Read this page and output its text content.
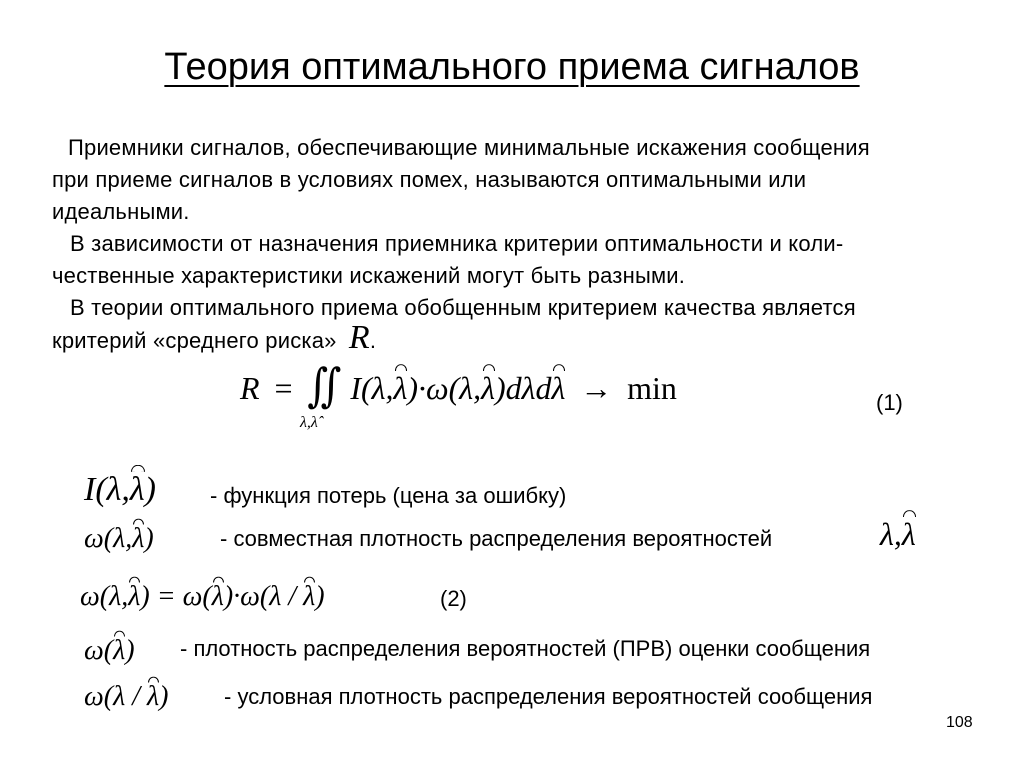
Теория оптимального приема сигналов
Приемники сигналов, обеспечивающие минимальные искажения сообщения
при приеме сигналов в условиях помех, называются оптимальными или
идеальными.
В зависимости от назначения приемника критерии оптимальности и коли-
чественные характеристики искажений могут быть разными.
В теории оптимального приема обобщенным критерием качества является
критерий «среднего риска» R.
R = ∬ I(λ,λ)·ω(λ,λ)dλdλ → min
λ,λ̂
(1)
I(λ,λ) - функция потерь (цена за ошибку)
ω(λ,λ)	- совместная плотность распределения вероятностей	λ,λ
ω(λ,λ) = ω(λ)·ω(λ / λ)	(2)
ω(λ) - плотность распределения вероятностей (ПРВ) оценки сообщения
ω(λ / λ)	- условная плотность распределения вероятностей сообщения
108
